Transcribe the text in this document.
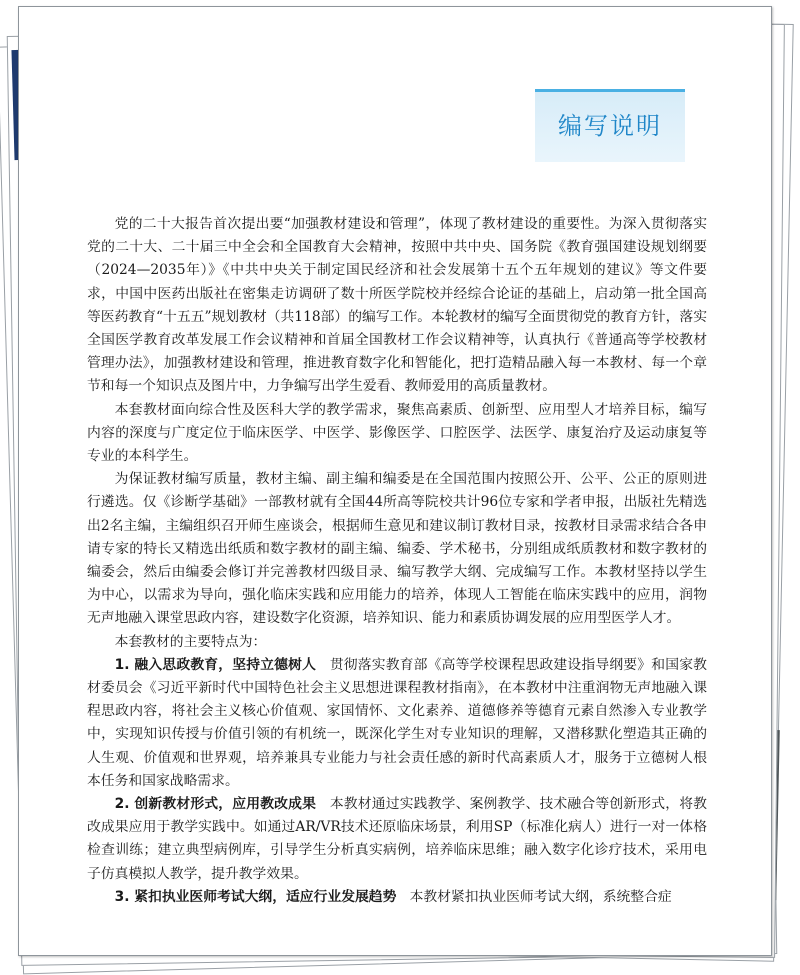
编写说明

党的二十大报告首次提出要“加强教材建设和管理”，体现了教材建设的重要性。为深入贯彻落实党的二十大、二十届三中全会和全国教育大会精神，按照中共中央、国务院《教育强国建设规划纲要（2024—2035年）》《中共中央关于制定国民经济和社会发展第十五个五年规划的建议》等文件要求，中国中医药出版社在密集走访调研了数十所医学院校并经综合论证的基础上，启动第一批全国高等医药教育“十五五”规划教材（共118部）的编写工作。本轮教材的编写全面贯彻党的教育方针，落实全国医学教育改革发展工作会议精神和首届全国教材工作会议精神等，认真执行《普通高等学校教材管理办法》，加强教材建设和管理，推进教育数字化和智能化，把打造精品融入每一本教材、每一个章节和每一个知识点及图片中，力争编写出学生爱看、教师爱用的高质量教材。

本套教材面向综合性及医科大学的教学需求，聚焦高素质、创新型、应用型人才培养目标，编写内容的深度与广度定位于临床医学、中医学、影像医学、口腔医学、法医学、康复治疗及运动康复等专业的本科学生。

为保证教材编写质量，教材主编、副主编和编委是在全国范围内按照公开、公平、公正的原则进行遴选。仅《诊断学基础》一部教材就有全国44所高等院校共计96位专家和学者申报，出版社先精选出2名主编，主编组织召开师生座谈会，根据师生意见和建议制订教材目录，按教材目录需求结合各申请专家的特长又精选出纸质和数字教材的副主编、编委、学术秘书，分别组成纸质教材和数字教材的编委会，然后由编委会修订并完善教材四级目录、编写教学大纲、完成编写工作。本教材坚持以学生为中心，以需求为导向，强化临床实践和应用能力的培养，体现人工智能在临床实践中的应用，润物无声地融入课堂思政内容，建设数字化资源，培养知识、能力和素质协调发展的应用型医学人才。

本套教材的主要特点为：

1. 融入思政教育，坚持立德树人 贯彻落实教育部《高等学校课程思政建设指导纲要》和国家教材委员会《习近平新时代中国特色社会主义思想进课程教材指南》，在本教材中注重润物无声地融入课程思政内容，将社会主义核心价值观、家国情怀、文化素养、道德修养等德育元素自然渗入专业教学中，实现知识传授与价值引领的有机统一，既深化学生对专业知识的理解，又潜移默化塑造其正确的人生观、价值观和世界观，培养兼具专业能力与社会责任感的新时代高素质人才，服务于立德树人根本任务和国家战略需求。

2. 创新教材形式，应用教改成果 本教材通过实践教学、案例教学、技术融合等创新形式，将教改成果应用于教学实践中。如通过AR/VR技术还原临床场景，利用SP（标准化病人）进行一对一体格检查训练；建立典型病例库，引导学生分析真实病例，培养临床思维；融入数字化诊疗技术，采用电子仿真模拟人教学，提升教学效果。

3. 紧扣执业医师考试大纲，适应行业发展趋势 本教材紧扣执业医师考试大纲，系统整合症
